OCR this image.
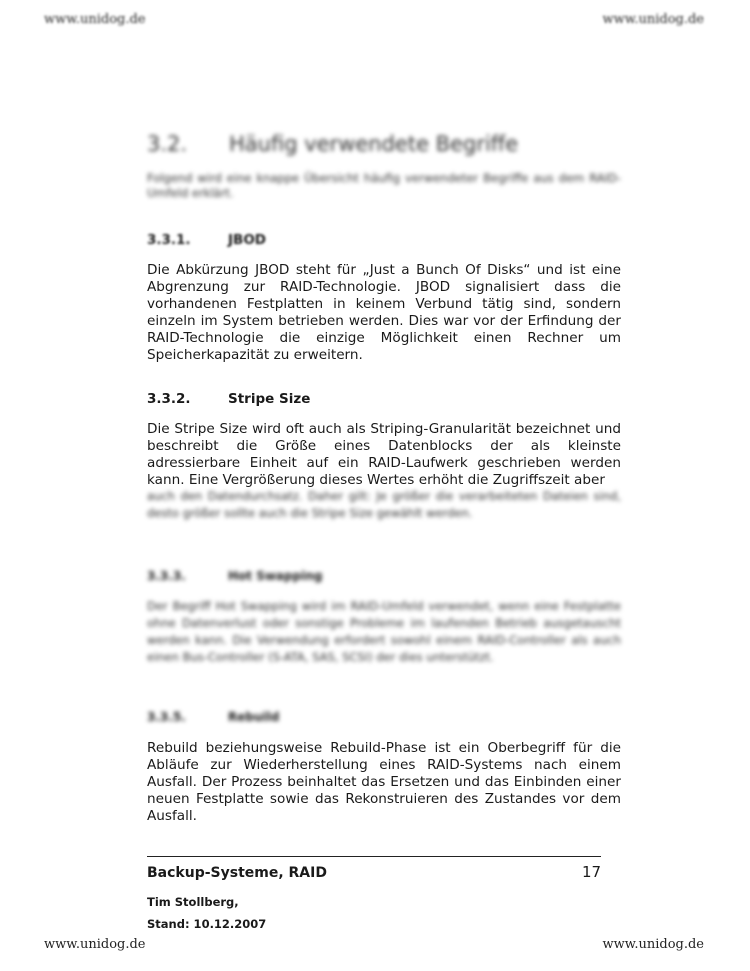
www.unidog.de	www.unidog.de
3.2. Häufig verwendete Begriffe
Folgend wird eine knappe Übersicht häufig verwendeter Begriffe aus dem RAID-Umfeld erklärt.
3.3.1.	JBOD
Die Abkürzung JBOD steht für „Just a Bunch Of Disks“ und ist eine Abgrenzung zur RAID-Technologie. JBOD signalisiert dass die vorhandenen Festplatten in keinem Verbund tätig sind, sondern einzeln im System betrieben werden. Dies war vor der Erfindung der RAID-Technologie die einzige Möglichkeit einen Rechner um Speicherkapazität zu erweitern.
3.3.2.	Stripe Size
Die Stripe Size wird oft auch als Striping-Granularität bezeichnet und beschreibt die Größe eines Datenblocks der als kleinste adressierbare Einheit auf ein RAID-Laufwerk geschrieben werden kann. Eine Vergrößerung dieses Wertes erhöht die Zugriffszeit aber
auch den Datendurchsatz. Daher gilt: Je größer die verarbeiteten Dateien sind, desto größer sollte auch die Stripe Size gewählt werden.
3.3.3.	Hot Swapping
Der Begriff Hot Swapping wird im RAID-Umfeld verwendet, wenn eine Festplatte ohne Datenverlust oder sonstige Probleme im laufenden Betrieb ausgetauscht werden kann. Die Verwendung erfordert sowohl einem RAID-Controller als auch einen Bus-Controller (S-ATA, SAS, SCSI) der dies unterstützt.
3.3.5.	Rebuild
Rebuild beziehungsweise Rebuild-Phase ist ein Oberbegriff für die Abläufe zur Wiederherstellung eines RAID-Systems nach einem Ausfall. Der Prozess beinhaltet das Ersetzen und das Einbinden einer neuen Festplatte sowie das Rekonstruieren des Zustandes vor dem Ausfall.
Backup-Systeme, RAID	17
Tim Stollberg,
Stand: 10.12.2007
www.unidog.de	www.unidog.de
